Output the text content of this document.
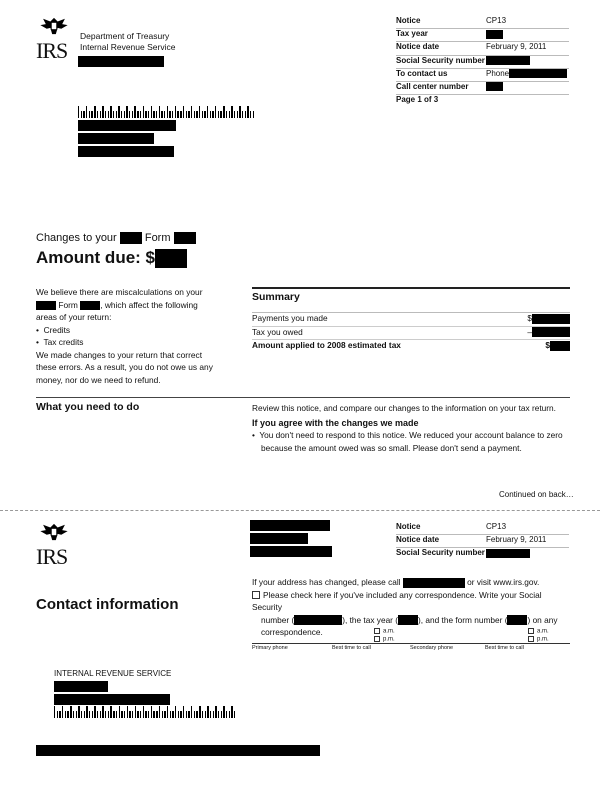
IRS
Department of Treasury
Internal Revenue Service
Notice	CP13
Tax year
Notice date	February 9, 2011
Social Security number
To contact us	Phone
Call center number
Page 1 of 3
Changes to your	Form
Amount due: $
We believe there are miscalculations on your
Form	, which affect the following
areas of your return:
•  Credits
•  Tax credits
We made changes to your return that correct
these errors. As a result, you do not owe us any
money, nor do we need to refund.
Summary
Payments you made	$
Tax you owed	–
Amount applied to 2008 estimated tax	$
What you need to do	Review this notice, and compare our changes to the information on your tax return.
If you agree with the changes we made
•  You don't need to respond to this notice. We reduced your account balance to zero
because the amount owed was so small. Please don't send a payment.
Continued on back…
IRS
Notice	CP13
Notice date	February 9, 2011
Social Security number
Contact information
If your address has changed, please call	or visit www.irs.gov.
Please check here if you've included any correspondence. Write your Social Security
number (	), the tax year ( ), and the form number ( ) on any
correspondence.	a.m.
p.m.
a.m.
p.m.
Primary phone	Best time to call	Secondary phone	Best time to call
INTERNAL REVENUE SERVICE
